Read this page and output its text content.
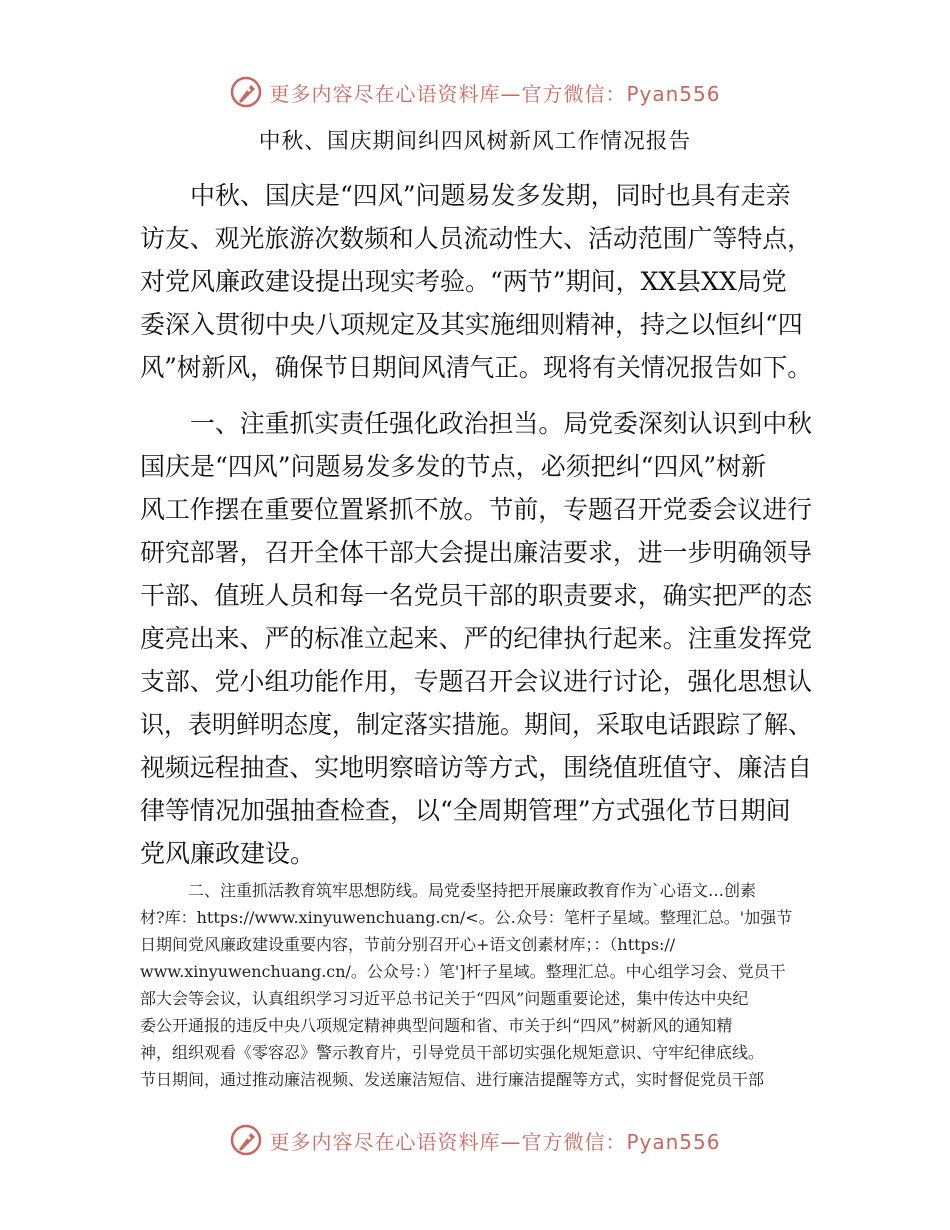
更多内容尽在心语资料库—官方微信：Pyan556
中秋、国庆期间纠四风树新风工作情况报告
中秋、国庆是“四风”问题易发多发期，同时也具有走亲
访友、观光旅游次数频和人员流动性大、活动范围广等特点，
对党风廉政建设提出现实考验。“两节”期间，XX县XX局党
委深入贯彻中央八项规定及其实施细则精神，持之以恒纠“四
风”树新风，确保节日期间风清气正。现将有关情况报告如下。
一、注重抓实责任强化政治担当。局党委深刻认识到中秋
国庆是“四风”问题易发多发的节点，必须把纠“四风”树新
风工作摆在重要位置紧抓不放。节前，专题召开党委会议进行
研究部署，召开全体干部大会提出廉洁要求，进一步明确领导
干部、值班人员和每一名党员干部的职责要求，确实把严的态
度亮出来、严的标准立起来、严的纪律执行起来。注重发挥党
支部、党小组功能作用，专题召开会议进行讨论，强化思想认
识，表明鲜明态度，制定落实措施。期间，采取电话跟踪了解、
视频远程抽查、实地明察暗访等方式，围绕值班值守、廉洁自
律等情况加强抽查检查，以“全周期管理”方式强化节日期间
党风廉政建设。
二、注重抓活教育筑牢思想防线。局党委坚持把开展廉政教育作为`心语文…创素
材?库：https://www.xinyuwenchuang.cn/<。公.众号：笔杆子星域。整理汇总。'加强节
日期间党风廉政建设重要内容，节前分别召开心+语文创素材库；：（https://
www.xinyuwenchuang.cn/。公众号：）笔']杆子星域。整理汇总。中心组学习会、党员干
部大会等会议，认真组织学习习近平总书记关于“四风”问题重要论述，集中传达中央纪
委公开通报的违反中央八项规定精神典型问题和省、市关于纠“四风”树新风的通知精
神，组织观看《零容忍》警示教育片，引导党员干部切实强化规矩意识、守牢纪律底线。
节日期间，通过推动廉洁视频、发送廉洁短信、进行廉洁提醒等方式，实时督促党员干部
更多内容尽在心语资料库—官方微信：Pyan556
